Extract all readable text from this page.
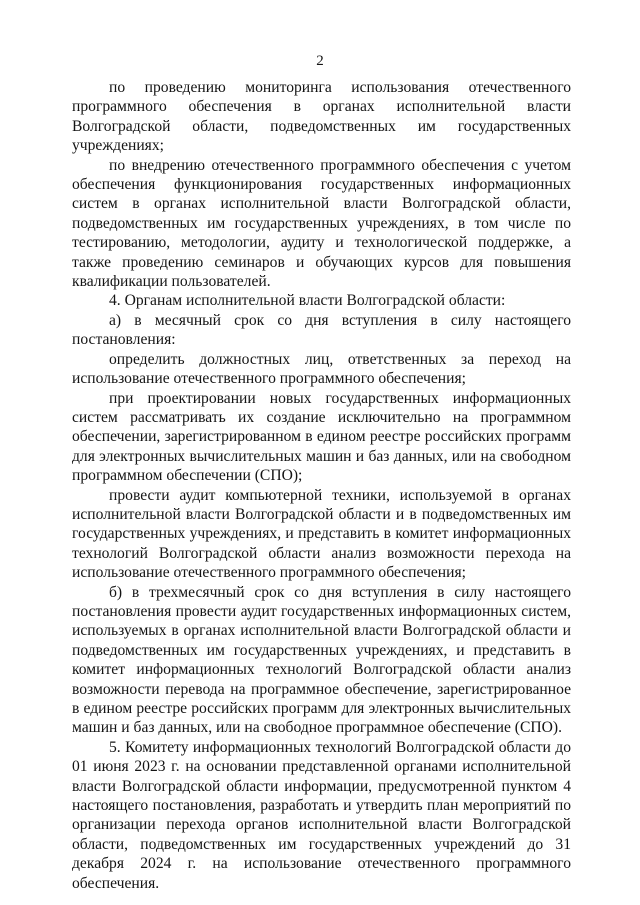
2

по проведению мониторинга использования отечественного программного обеспечения в органах исполнительной власти Волгоградской области, подведомственных им государственных учреждениях;

по внедрению отечественного программного обеспечения с учетом обеспечения функционирования государственных информационных систем в органах исполнительной власти Волгоградской области, подведомственных им государственных учреждениях, в том числе по тестированию, методологии, аудиту и технологической поддержке, а также проведению семинаров и обучающих курсов для повышения квалификации пользователей.

4. Органам исполнительной власти Волгоградской области:

а) в месячный срок со дня вступления в силу настоящего постановления:

определить должностных лиц, ответственных за переход на использование отечественного программного обеспечения;

при проектировании новых государственных информационных систем рассматривать их создание исключительно на программном обеспечении, зарегистрированном в едином реестре российских программ для электронных вычислительных машин и баз данных, или на свободном программном обеспечении (СПО);

провести аудит компьютерной техники, используемой в органах исполнительной власти Волгоградской области и в подведомственных им государственных учреждениях, и представить в комитет информационных технологий Волгоградской области анализ возможности перехода на использование отечественного программного обеспечения;

б) в трехмесячный срок со дня вступления в силу настоящего постановления провести аудит государственных информационных систем, используемых в органах исполнительной власти Волгоградской области и подведомственных им государственных учреждениях, и представить в комитет информационных технологий Волгоградской области анализ возможности перевода на программное обеспечение, зарегистрированное в едином реестре российских программ для электронных вычислительных машин и баз данных, или на свободное программное обеспечение (СПО).

5. Комитету информационных технологий Волгоградской области до 01 июня 2023 г. на основании представленной органами исполнительной власти Волгоградской области информации, предусмотренной пунктом 4 настоящего постановления, разработать и утвердить план мероприятий по организации перехода органов исполнительной власти Волгоградской области, подведомственных им государственных учреждений до 31 декабря 2024 г. на использование отечественного программного обеспечения.
